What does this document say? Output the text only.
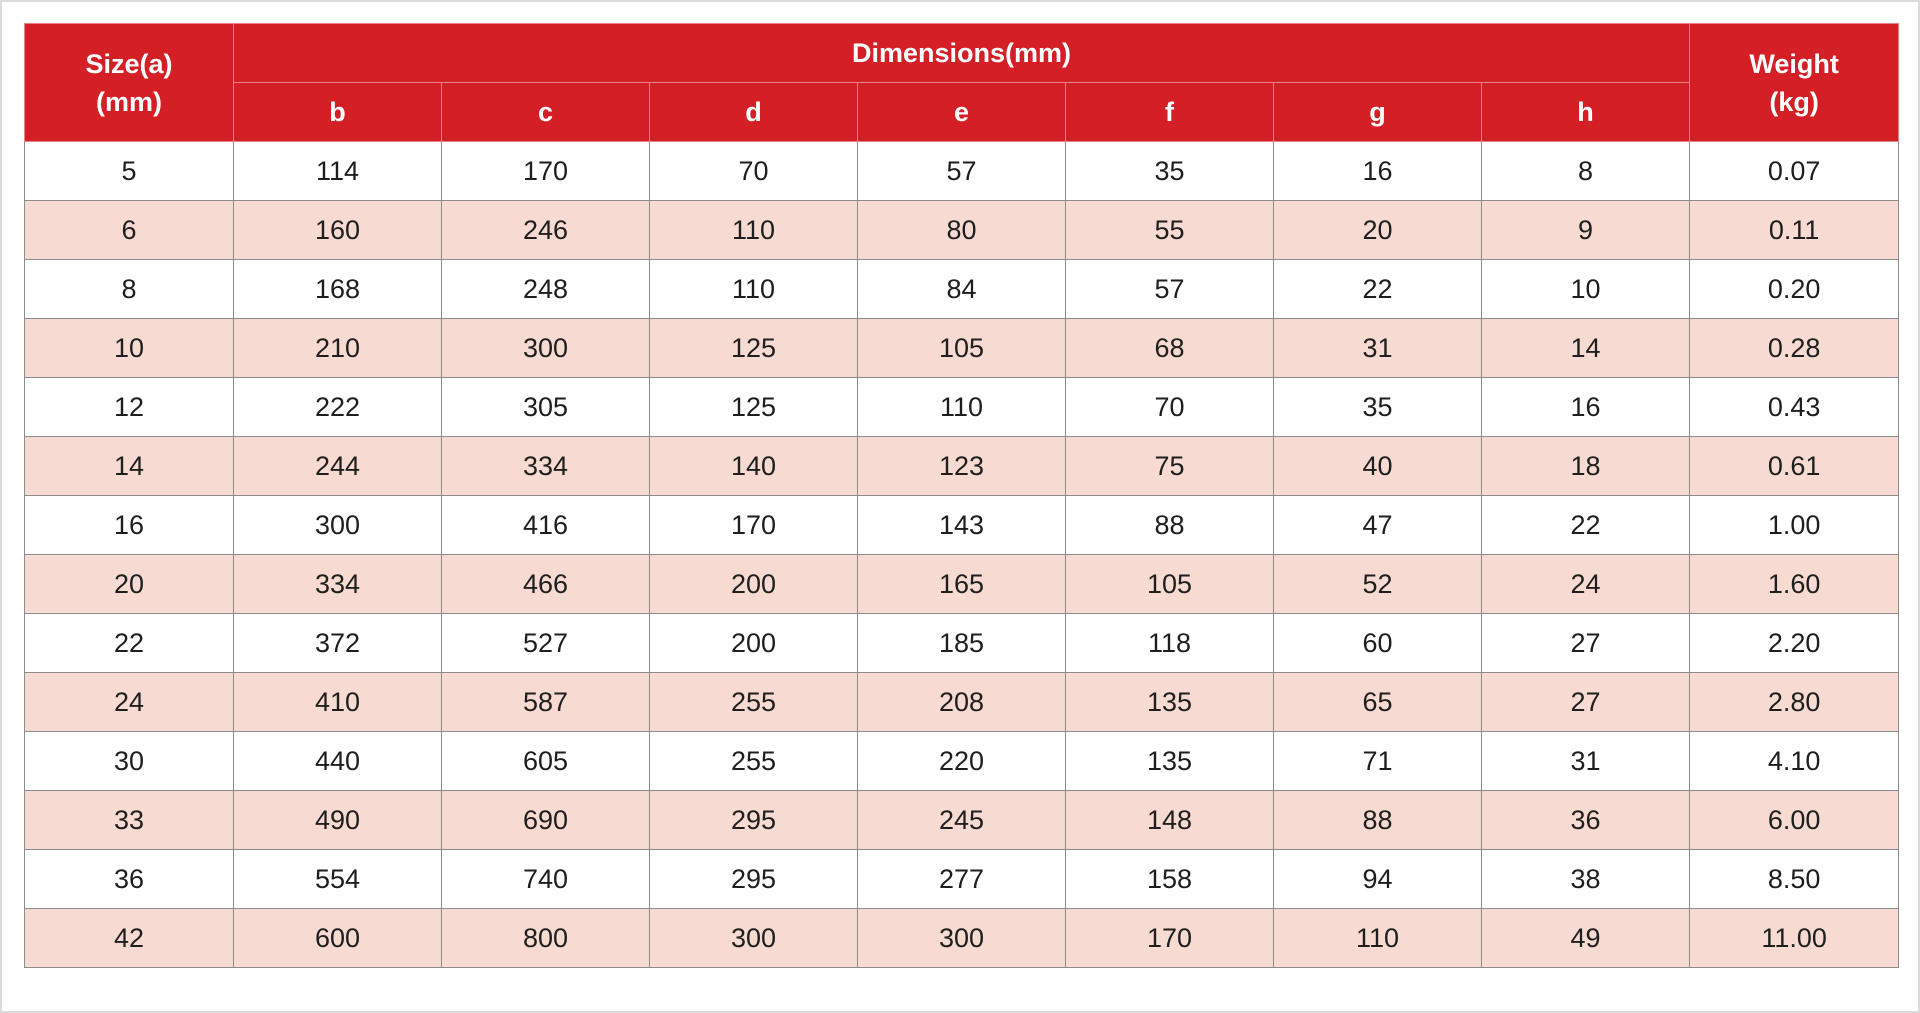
Size(a)
(mm)	Dimensions(mm)							Weight
(kg)

	b	c	d	e	f	g	h	
5	114	170	70	57	35	16	8	0.07
6	160	246	110	80	55	20	9	0.11
8	168	248	110	84	57	22	10	0.20
10	210	300	125	105	68	31	14	0.28
12	222	305	125	110	70	35	16	0.43
14	244	334	140	123	75	40	18	0.61
16	300	416	170	143	88	47	22	1.00
20	334	466	200	165	105	52	24	1.60
22	372	527	200	185	118	60	27	2.20
24	410	587	255	208	135	65	27	2.80
30	440	605	255	220	135	71	31	4.10
33	490	690	295	245	148	88	36	6.00
36	554	740	295	277	158	94	38	8.50
42	600	800	300	300	170	110	49	11.00
